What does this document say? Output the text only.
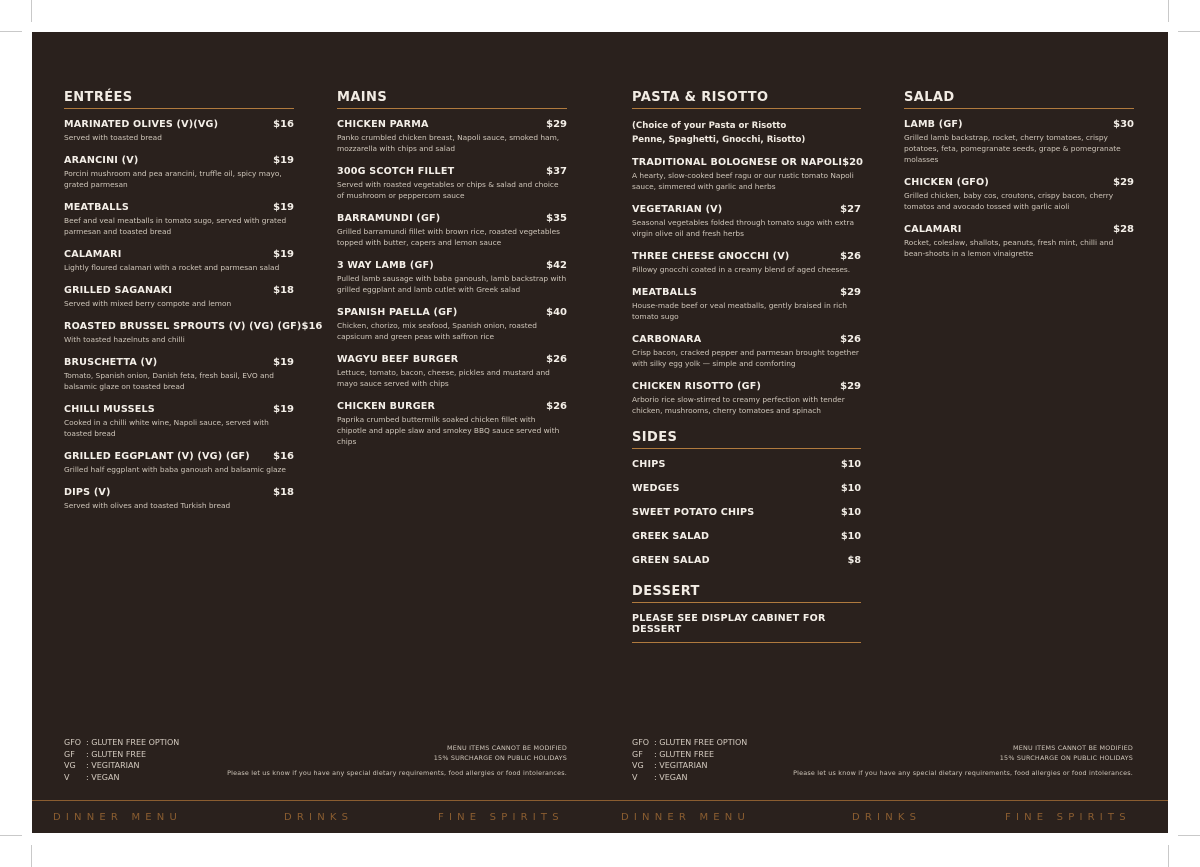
ENTRÉES
MARINATED OLIVES (V)(VG)	$16
Served with toasted bread
ARANCINI (V)	$19
Porcini mushroom and pea arancini, truffle oil, spicy mayo, grated parmesan
MEATBALLS	$19
Beef and veal meatballs in tomato sugo, served with grated parmesan and toasted bread
CALAMARI	$19
Lightly floured calamari with a rocket and parmesan salad
GRILLED SAGANAKI	$18
Served with mixed berry compote and lemon
ROASTED BRUSSEL SPROUTS (V) (VG) (GF) $16
With toasted hazelnuts and chilli
BRUSCHETTA (V)	$19
Tomato, Spanish onion, Danish feta, fresh basil, EVO and balsamic glaze on toasted bread
CHILLI MUSSELS	$19
Cooked in a chilli white wine, Napoli sauce, served with toasted bread
GRILLED EGGPLANT (V) (VG) (GF) $16
Grilled half eggplant with baba ganoush and balsamic glaze
DIPS (V)	$18
Served with olives and toasted Turkish bread
MAINS
CHICKEN PARMA	$29
Panko crumbled chicken breast, Napoli sauce, smoked ham, mozzarella with chips and salad
300G SCOTCH FILLET	$37
Served with roasted vegetables or chips & salad and choice of mushroom or peppercorn sauce
BARRAMUNDI (GF)	$35
Grilled barramundi fillet with brown rice, roasted vegetables topped with butter, capers and lemon sauce
3 WAY LAMB (GF)	$42
Pulled lamb sausage with baba ganoush, lamb backstrap with grilled eggplant and lamb cutlet with Greek salad
SPANISH PAELLA (GF)	$40
Chicken, chorizo, mix seafood, Spanish onion, roasted capsicum and green peas with saffron rice
WAGYU BEEF BURGER	$26
Lettuce, tomato, bacon, cheese, pickles and mustard and mayo sauce served with chips
CHICKEN BURGER	$26
Paprika crumbed buttermilk soaked chicken fillet with chipotle and apple slaw and smokey BBQ sauce served with chips
PASTA & RISOTTO
(Choice of your Pasta or Risotto
Penne, Spaghetti, Gnocchi, Risotto)
TRADITIONAL BOLOGNESE OR NAPOLI $20
A hearty, slow-cooked beef ragu or our rustic tomato Napoli sauce, simmered with garlic and herbs
VEGETARIAN (V)	$27
Seasonal vegetables folded through tomato sugo with extra virgin olive oil and fresh herbs
THREE CHEESE GNOCCHI (V)	$26
Pillowy gnocchi coated in a creamy blend of aged cheeses.
MEATBALLS	$29
House-made beef or veal meatballs, gently braised in rich tomato sugo
CARBONARA	$26
Crisp bacon, cracked pepper and parmesan brought together with silky egg yolk — simple and comforting
CHICKEN RISOTTO (GF)	$29
Arborio rice slow-stirred to creamy perfection with tender chicken, mushrooms, cherry tomatoes and spinach
SIDES
CHIPS	$10
WEDGES	$10
SWEET POTATO CHIPS	$10
GREEK SALAD	$10
GREEN SALAD	$8
DESSERT
PLEASE SEE DISPLAY CABINET FOR DESSERT
SALAD
LAMB (GF)	$30
Grilled lamb backstrap, rocket, cherry tomatoes, crispy potatoes, feta, pomegranate seeds, grape & pomegranate molasses
CHICKEN (GFO)	$29
Grilled chicken, baby cos, croutons, crispy bacon, cherry tomatos and avocado tossed with garlic aioli
CALAMARI	$28
Rocket, coleslaw, shallots, peanuts, fresh mint, chilli and bean-shoots in a lemon vinaigrette
GFO : GLUTEN FREE OPTION
GF	: GLUTEN FREE
VG	: VEGITARIAN
V	: VEGAN
GFO : GLUTEN FREE OPTION
GF	: GLUTEN FREE
VG	: VEGITARIAN
V	: VEGAN
MENU ITEMS CANNOT BE MODIFIED
15% SURCHARGE ON PUBLIC HOLIDAYS
Please let us know if you have any special dietary requirements, food allergies or food intolerances.
MENU ITEMS CANNOT BE MODIFIED
15% SURCHARGE ON PUBLIC HOLIDAYS
Please let us know if you have any special dietary requirements, food allergies or food intolerances.
DINNER MENU	DRINKS	FINE SPIRITS	DINNER MENU	DRINKS	FINE SPIRITS
